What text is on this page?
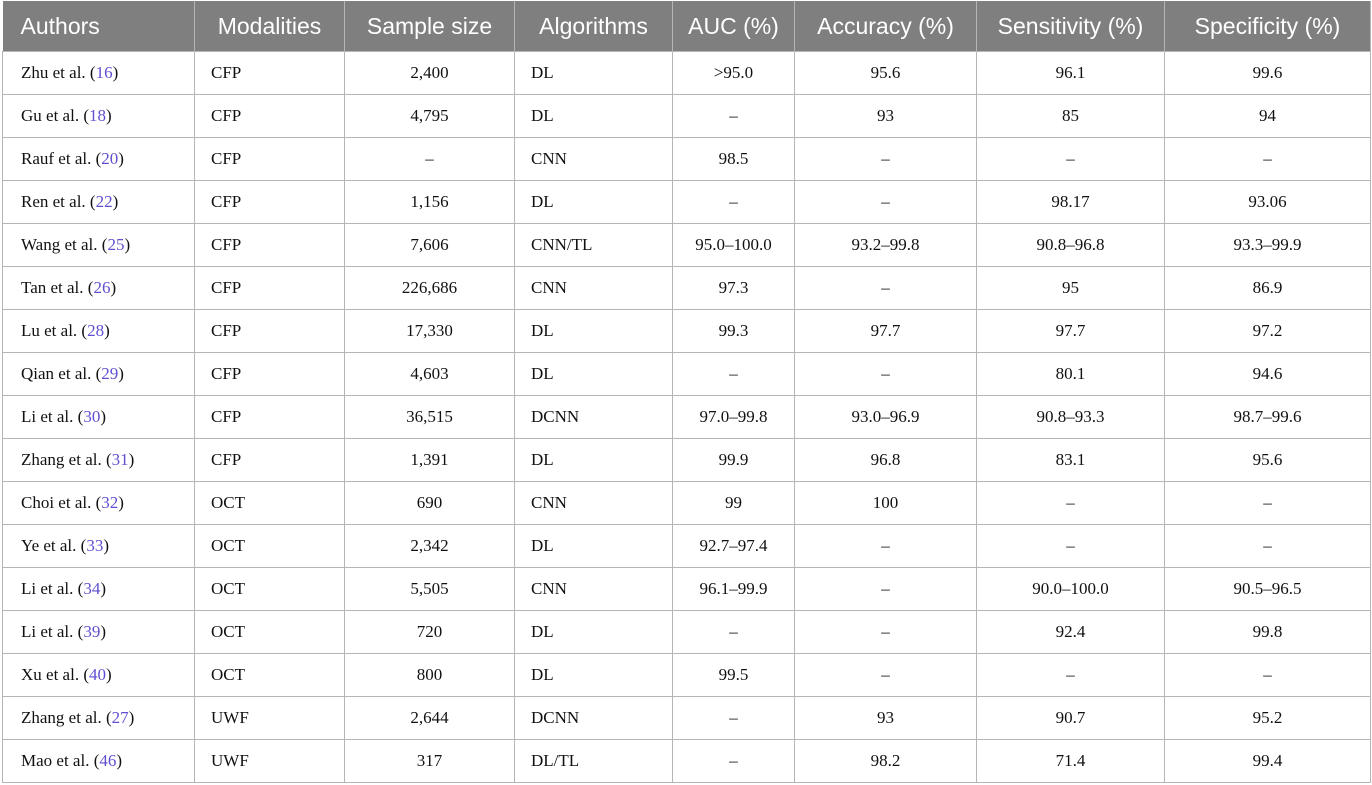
Authors	Modalities	Sample size	Algorithms	AUC (%)	Accuracy (%)	Sensitivity (%)	Specificity (%)
Zhu et al. (16)	CFP	2,400	DL	>95.0	95.6	96.1	99.6
Gu et al. (18)	CFP	4,795	DL	–	93	85	94
Rauf et al. (20)	CFP	–	CNN	98.5	–	–	–
Ren et al. (22)	CFP	1,156	DL	–	–	98.17	93.06
Wang et al. (25)	CFP	7,606	CNN/TL	95.0–100.0	93.2–99.8	90.8–96.8	93.3–99.9
Tan et al. (26)	CFP	226,686	CNN	97.3	–	95	86.9
Lu et al. (28)	CFP	17,330	DL	99.3	97.7	97.7	97.2
Qian et al. (29)	CFP	4,603	DL	–	–	80.1	94.6
Li et al. (30)	CFP	36,515	DCNN	97.0–99.8	93.0–96.9	90.8–93.3	98.7–99.6
Zhang et al. (31)	CFP	1,391	DL	99.9	96.8	83.1	95.6
Choi et al. (32)	OCT	690	CNN	99	100	–	–
Ye et al. (33)	OCT	2,342	DL	92.7–97.4	–	–	–
Li et al. (34)	OCT	5,505	CNN	96.1–99.9	–	90.0–100.0	90.5–96.5
Li et al. (39)	OCT	720	DL	–	–	92.4	99.8
Xu et al. (40)	OCT	800	DL	99.5	–	–	–
Zhang et al. (27)	UWF	2,644	DCNN	–	93	90.7	95.2
Mao et al. (46)	UWF	317	DL/TL	–	98.2	71.4	99.4
